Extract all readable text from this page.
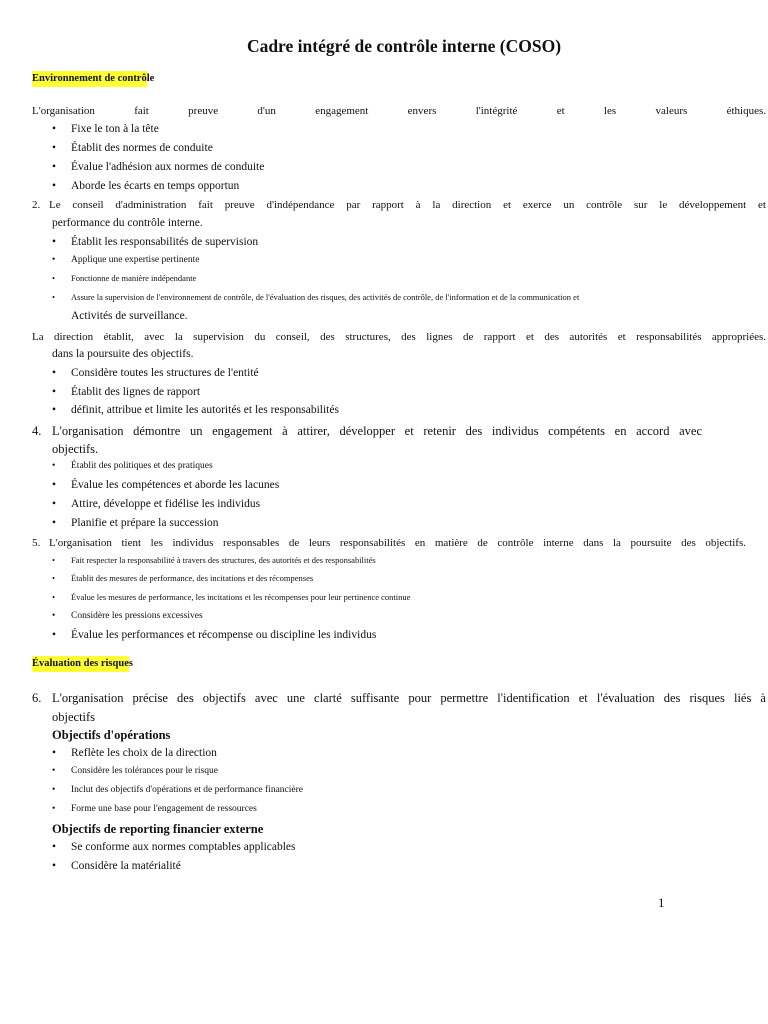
Cadre intégré de contrôle interne (COSO)
Environnement de contrôle
L'organisation fait preuve d'un engagement envers l'intégrité et les valeurs éthiques.
• Fixe le ton à la tête
• Établit des normes de conduite
• Évalue l'adhésion aux normes de conduite
• Aborde les écarts en temps opportun
2. Le conseil d'administration fait preuve d'indépendance par rapport à la direction et exerce un contrôle sur le développement et
performance du contrôle interne.
• Établit les responsabilités de supervision
• Applique une expertise pertinente
• Fonctionne de manière indépendante
• Assure la supervision de l'environnement de contrôle, de l'évaluation des risques, des activités de contrôle, de l'information et de la communication et
Activités de surveillance.
La direction établit, avec la supervision du conseil, des structures, des lignes de rapport et des autorités et responsabilités appropriées.
dans la poursuite des objectifs.
• Considère toutes les structures de l'entité
• Établit des lignes de rapport
• définit, attribue et limite les autorités et les responsabilités
4. L'organisation démontre un engagement à attirer, développer et retenir des individus compétents en accord avec
objectifs.
• Établit des politiques et des pratiques
• Évalue les compétences et aborde les lacunes
• Attire, développe et fidélise les individus
• Planifie et prépare la succession
5. L'organisation tient les individus responsables de leurs responsabilités en matière de contrôle interne dans la poursuite des objectifs.
• Fait respecter la responsabilité à travers des structures, des autorités et des responsabilités
• Établit des mesures de performance, des incitations et des récompenses
• Évalue les mesures de performance, les incitations et les récompenses pour leur pertinence continue
• Considère les pressions excessives
• Évalue les performances et récompense ou discipline les individus
Évaluation des risques
6. L'organisation précise des objectifs avec une clarté suffisante pour permettre l'identification et l'évaluation des risques liés à
objectifs
Objectifs d'opérations
• Reflète les choix de la direction
• Considère les tolérances pour le risque
• Inclut des objectifs d'opérations et de performance financière
• Forme une base pour l'engagement de ressources
Objectifs de reporting financier externe
• Se conforme aux normes comptables applicables
• Considère la matérialité
1
